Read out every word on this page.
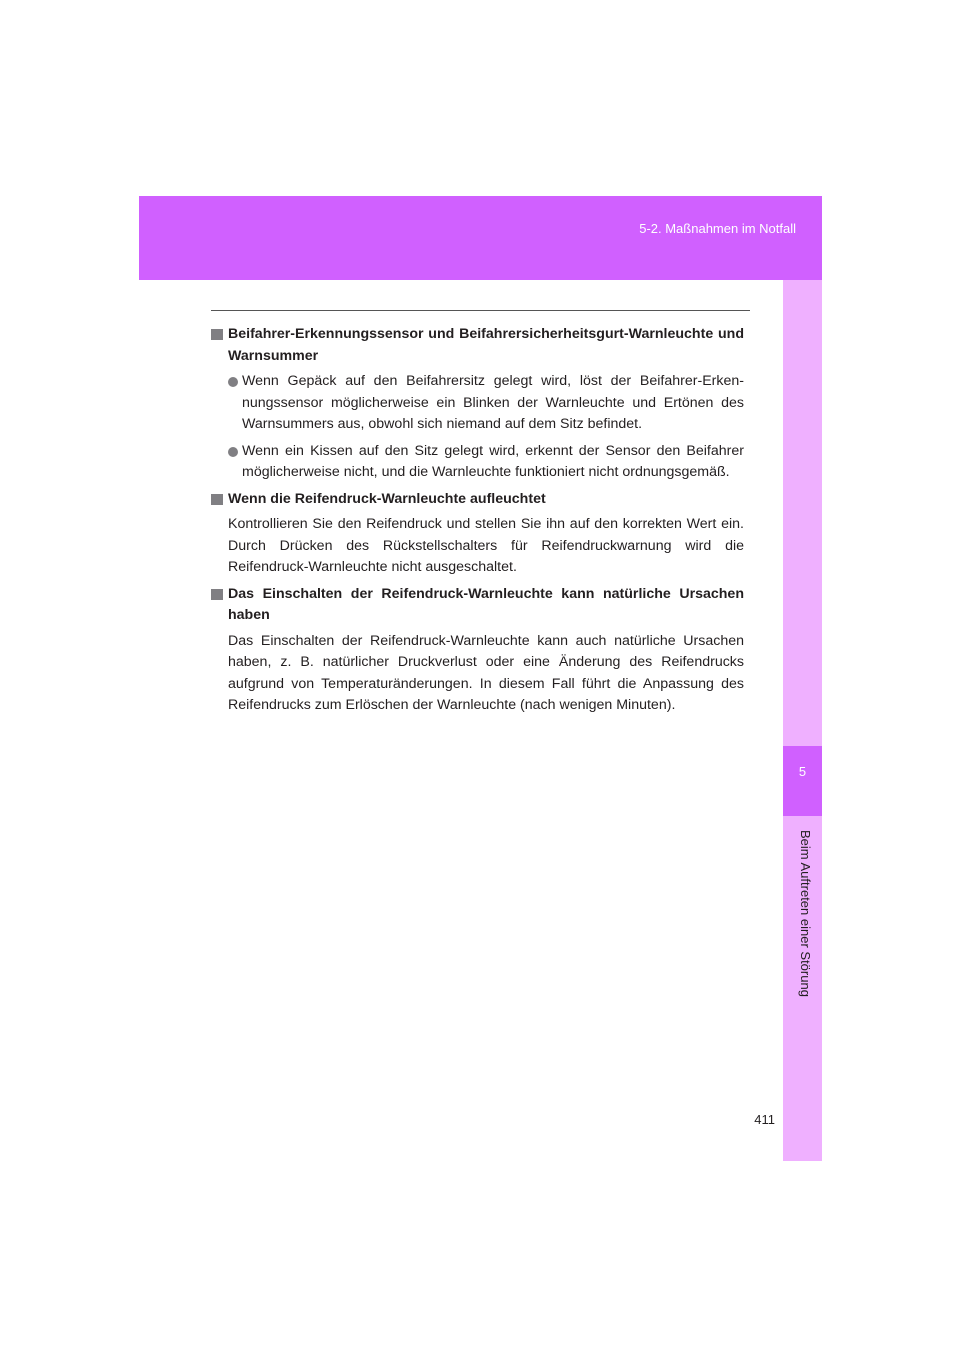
5-2. Maßnahmen im Notfall
5
Beim Auftreten einer Störung
Beifahrer-Erkennungssensor und Beifahrersicherheitsgurt-Warnleuchte und Warnsummer
Wenn Gepäck auf den Beifahrersitz gelegt wird, löst der Beifahrer-Erkennungssensor möglicherweise ein Blinken der Warnleuchte und Ertönen des Warnsummers aus, obwohl sich niemand auf dem Sitz befindet.
Wenn ein Kissen auf den Sitz gelegt wird, erkennt der Sensor den Beifahrer möglicherweise nicht, und die Warnleuchte funktioniert nicht ordnungsgemäß.
Wenn die Reifendruck-Warnleuchte aufleuchtet
Kontrollieren Sie den Reifendruck und stellen Sie ihn auf den korrekten Wert ein. Durch Drücken des Rückstellschalters für Reifendruckwarnung wird die Reifendruck-Warnleuchte nicht ausgeschaltet.
Das Einschalten der Reifendruck-Warnleuchte kann natürliche Ursachen haben
Das Einschalten der Reifendruck-Warnleuchte kann auch natürliche Ursachen haben, z. B. natürlicher Druckverlust oder eine Änderung des Reifendrucks aufgrund von Temperaturänderungen. In diesem Fall führt die Anpassung des Reifendrucks zum Erlöschen der Warnleuchte (nach wenigen Minuten).
411
